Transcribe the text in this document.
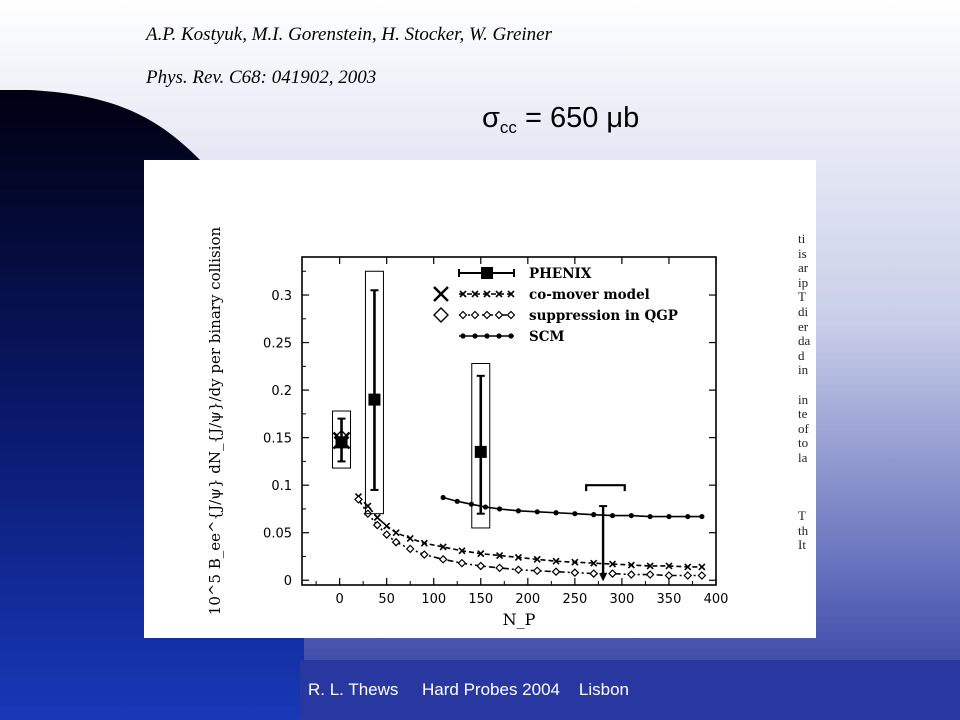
A.P. Kostyuk, M.I. Gorenstein, H. Stocker, W. Greiner
Phys. Rev. C68: 041902, 2003
$\sigma_{cc} = 650$ μb
10^5 B_ee^{J/ψ} dN_{J/ψ}/dy per binary collision
N_P
0	50 100 150 200 250 300 350 400
0
0.05
0.1
0.15
0.2
0.25
0.3
PHENIX
co-mover model
suppression in QGP
SCM
ti
is
ar
ip
T
di
er
da
d
in
in
te
of
to
la
T
th
It
R. L. Thews Hard Probes 2004 Lisbon
